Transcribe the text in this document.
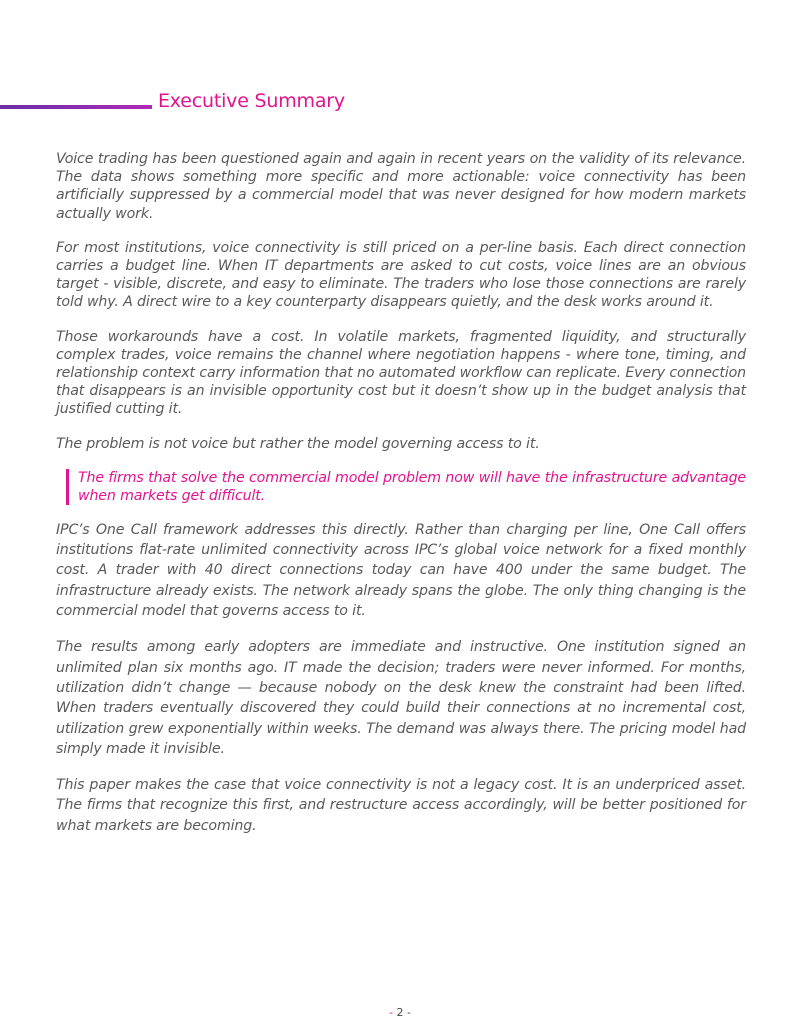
Executive Summary

Voice trading has been questioned again and again in recent years on the validity of its relevance. The data shows something more specific and more actionable: voice connectivity has been artificially suppressed by a commercial model that was never designed for how modern markets actually work.

For most institutions, voice connectivity is still priced on a per-line basis. Each direct connection carries a budget line. When IT departments are asked to cut costs, voice lines are an obvious target - visible, discrete, and easy to eliminate. The traders who lose those connections are rarely told why. A direct wire to a key counterparty disappears quietly, and the desk works around it.

Those workarounds have a cost. In volatile markets, fragmented liquidity, and structurally complex trades, voice remains the channel where negotiation happens - where tone, timing, and relationship context carry information that no automated workflow can replicate. Every connection that disappears is an invisible opportunity cost but it doesn’t show up in the budget analysis that justified cutting it.

The problem is not voice but rather the model governing access to it.

The firms that solve the commercial model problem now will have the infrastructure advantage when markets get difficult.

IPC’s One Call framework addresses this directly. Rather than charging per line, One Call offers institutions flat-rate unlimited connectivity across IPC’s global voice network for a fixed monthly cost. A trader with 40 direct connections today can have 400 under the same budget. The infrastructure already exists. The network already spans the globe. The only thing changing is the commercial model that governs access to it.

The results among early adopters are immediate and instructive. One institution signed an unlimited plan six months ago. IT made the decision; traders were never informed. For months, utilization didn’t change — because nobody on the desk knew the constraint had been lifted. When traders eventually discovered they could build their connections at no incremental cost, utilization grew exponentially within weeks. The demand was always there. The pricing model had simply made it invisible.

This paper makes the case that voice connectivity is not a legacy cost. It is an underpriced asset. The firms that recognize this first, and restructure access accordingly, will be better positioned for what markets are becoming.

- 2 -
